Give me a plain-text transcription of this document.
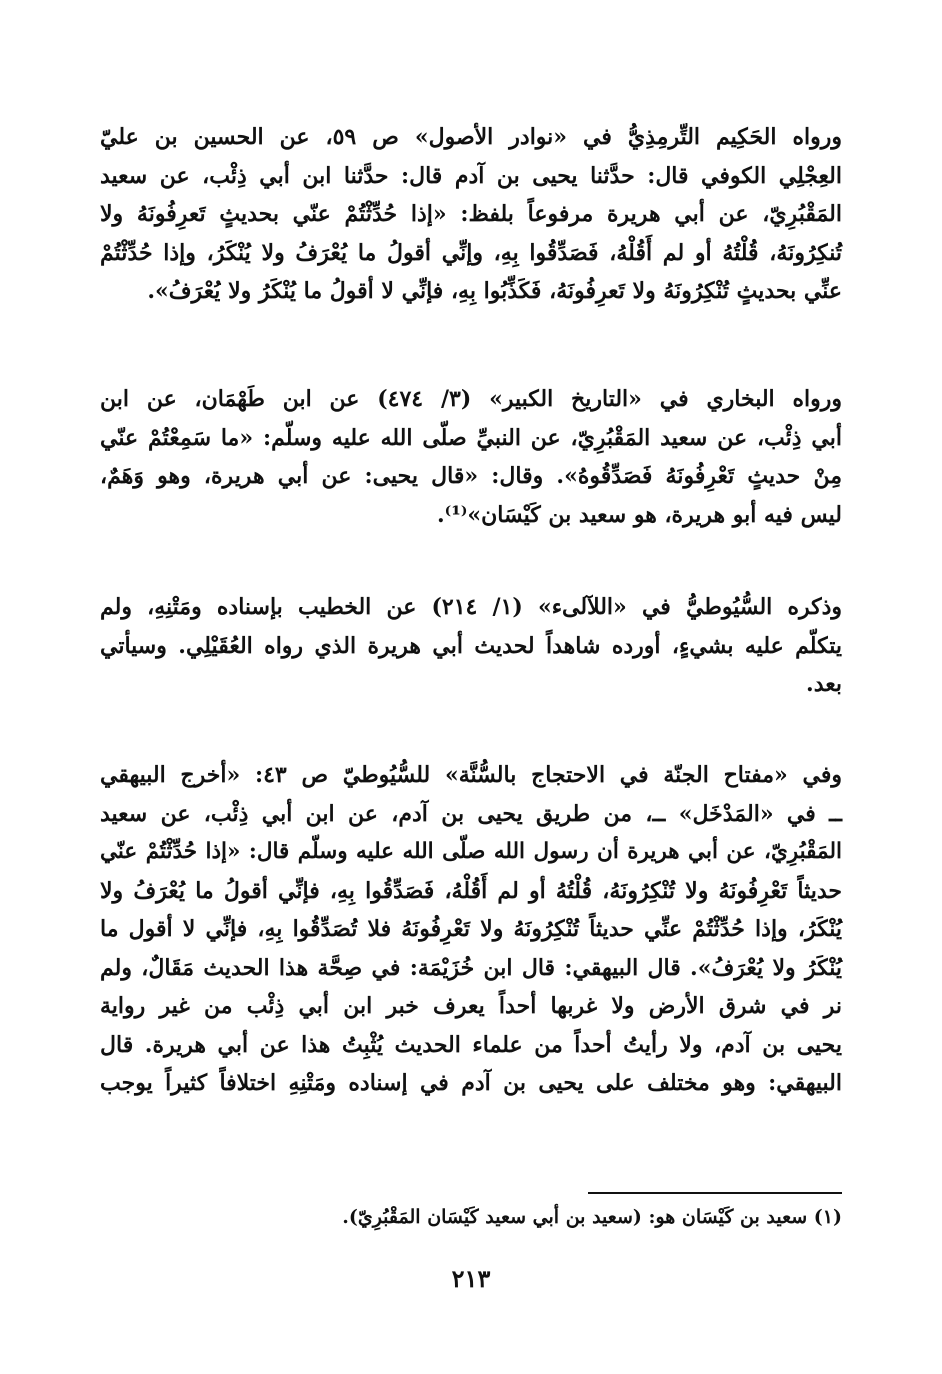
ورواه الحَكِيم التِّرمِذِيُّ في «نوادر الأصول» ص ٥٩، عن الحسين بن عليّ
العِجْلِي الكوفي قال: حدَّثنا يحيى بن آدم قال: حدَّثنا ابن أبي ذِئْب، عن سعيد
المَقْبُرِيّ، عن أبي هريرة مرفوعاً بلفظ: «إذا حُدِّثْتُمْ عنّي بحديثٍ تَعرِفُونَهُ ولا
تُنكِرُونَهُ، قُلْتُهُ أو لم أَقُلْهُ، فَصَدِّقُوا بِهِ، وإنِّي أقولُ ما يُعْرَفُ ولا يُنْكَرُ، وإذا حُدِّثْتُمْ
عنِّي بحديثٍ تُنْكِرُونَهُ ولا تَعرِفُونَهُ، فَكَذِّبُوا بِهِ، فإنِّي لا أقولُ ما يُنْكَرُ ولا يُعْرَفُ».
ورواه البخاري في «التاريخ الكبير» (٣/ ٤٧٤) عن ابن طَهْمَان، عن ابن
أبي ذِئْب، عن سعيد المَقْبُرِيّ، عن النبيِّ صلّى الله عليه وسلّم: «ما سَمِعْتُمْ عنّي
مِنْ حديثٍ تَعْرِفُونَهُ فَصَدِّقُوهُ». وقال: «قال يحيى: عن أبي هريرة، وهو وَهَمٌ،
ليس فيه أبو هريرة، هو سعيد بن كَيْسَان»⁽¹⁾.
وذكره السُّيُوطيُّ في «اللآلىء» (١/ ٢١٤) عن الخطيب بإسناده ومَتْنِهِ، ولم
يتكلّم عليه بشيءٍ، أورده شاهداً لحديث أبي هريرة الذي رواه العُقَيْلِي. وسيأتي
بعد.
وفي «مفتاح الجنّة في الاحتجاج بالسُّنَّة» للسُّيُوطيّ ص ٤٣: «أخرج البيهقي
ــ في «المَدْخَل» ــ، من طريق يحيى بن آدم، عن ابن أبي ذِئْب، عن سعيد
المَقْبُرِيّ، عن أبي هريرة أن رسول الله صلّى الله عليه وسلّم قال: «إذا حُدِّثْتُمْ عنّي
حديثاً تَعْرِفُونَهُ ولا تُنْكِرُونَهُ، قُلْتُهُ أو لم أَقُلْهُ، فَصَدِّقُوا بِهِ، فإنِّي أقولُ ما يُعْرَفُ ولا
يُنْكَرُ، وإذا حُدِّثْتُمْ عنِّي حديثاً تُنْكِرُونَهُ ولا تَعْرِفُونَهُ فلا تُصَدِّقُوا بِهِ، فإنِّي لا أقول ما
يُنْكَرُ ولا يُعْرَفُ». قال البيهقي: قال ابن خُزَيْمَة: في صِحَّة هذا الحديث مَقَالٌ، ولم
نر في شرق الأرض ولا غربها أحداً يعرف خبر ابن أبي ذِئْب من غير رواية
يحيى بن آدم، ولا رأيتُ أحداً من علماء الحديث يُثْبِتُ هذا عن أبي هريرة. قال
البيهقي: وهو مختلف على يحيى بن آدم في إسناده ومَتْنِهِ اختلافاً كثيراً يوجب
(١) سعيد بن كَيْسَان هو: (سعيد بن أبي سعيد كَيْسَان المَقْبُرِيّ).
٢١٣
